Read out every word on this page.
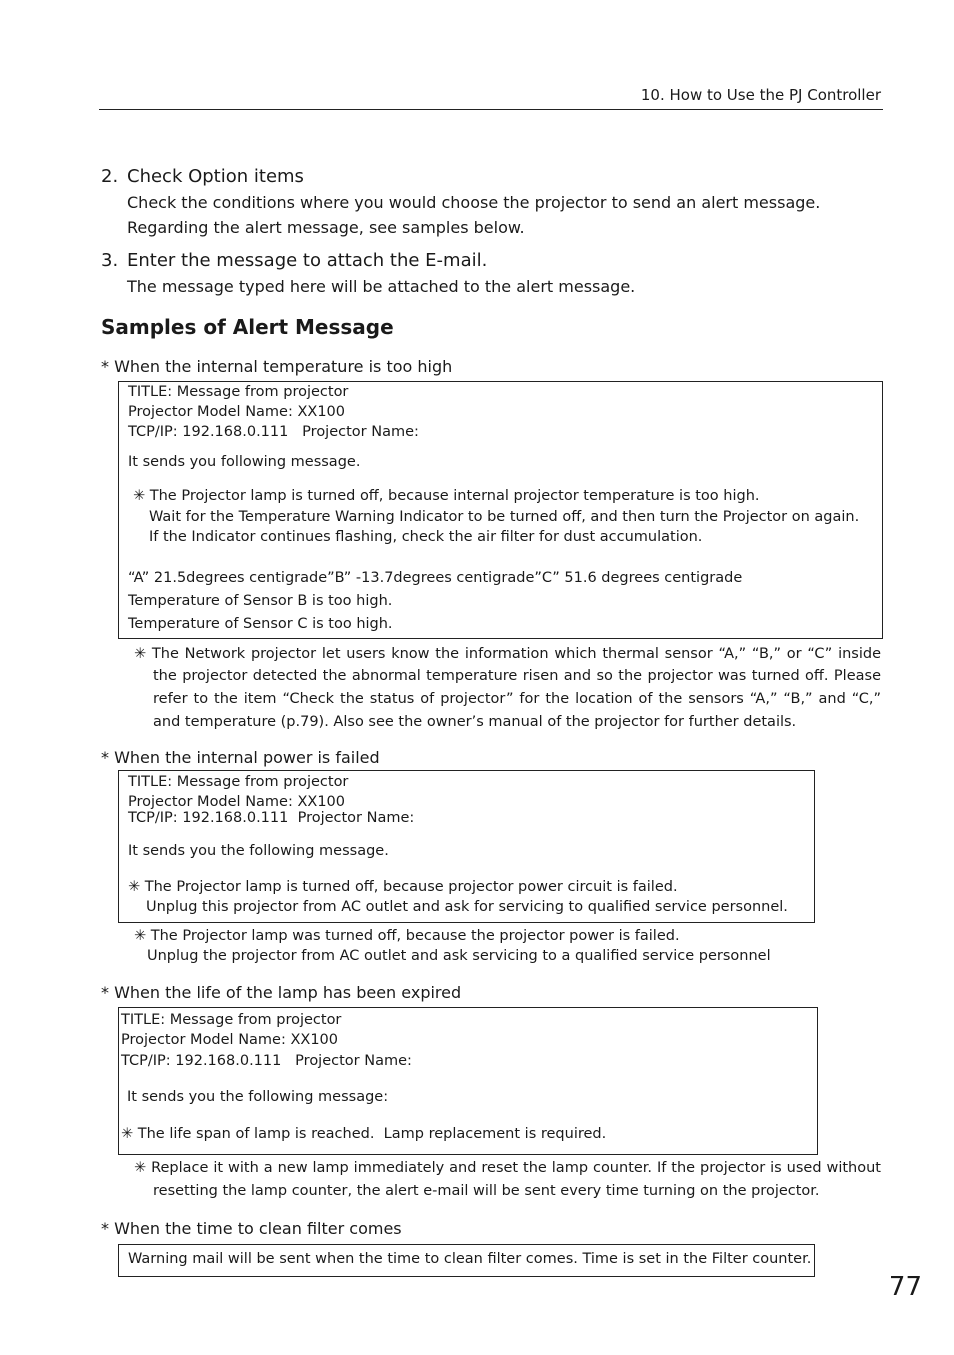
10. How to Use the PJ Controller
2. Check Option items
Check the conditions where you would choose the projector to send an alert message.
Regarding the alert message, see samples below.
3. Enter the message to attach the E-mail.
The message typed here will be attached to the alert message.
Samples of Alert Message
* When the internal temperature is too high
TITLE: Message from projector
Projector Model Name: XX100
TCP/IP: 192.168.0.111   Projector Name:
It sends you following message.
✳ The Projector lamp is turned off, because internal projector temperature is too high.
Wait for the Temperature Warning Indicator to be turned off, and then turn the Projector on again.
If the Indicator continues flashing, check the air filter for dust accumulation.
“A” 21.5degrees centigrade”B” -13.7degrees centigrade”C” 51.6 degrees centigrade
Temperature of Sensor B is too high.
Temperature of Sensor C is too high.
✳ The Network projector let users know the information which thermal sensor “A,” “B,” or “C” inside
the projector detected the abnormal temperature risen and so the projector was turned off. Please
refer to the item “Check the status of projector” for the location of the sensors “A,” “B,” and “C,”
and temperature (p.79). Also see the owner’s manual of the projector for further details.
* When the internal power is failed
TITLE: Message from projector
Projector Model Name: XX100
TCP/IP: 192.168.0.111  Projector Name:
It sends you the following message.
✳ The Projector lamp is turned off, because projector power circuit is failed.
Unplug this projector from AC outlet and ask for servicing to qualified service personnel.
✳ The Projector lamp was turned off, because the projector power is failed.
Unplug the projector from AC outlet and ask servicing to a qualified service personnel
* When the life of the lamp has been expired
TITLE: Message from projector
Projector Model Name: XX100
TCP/IP: 192.168.0.111   Projector Name:
It sends you the following message:
✳ The life span of lamp is reached.  Lamp replacement is required.
✳ Replace it with a new lamp immediately and reset the lamp counter. If the projector is used without
resetting the lamp counter, the alert e-mail will be sent every time turning on the projector.
* When the time to clean filter comes
Warning mail will be sent when the time to clean filter comes. Time is set in the Filter counter.
77
